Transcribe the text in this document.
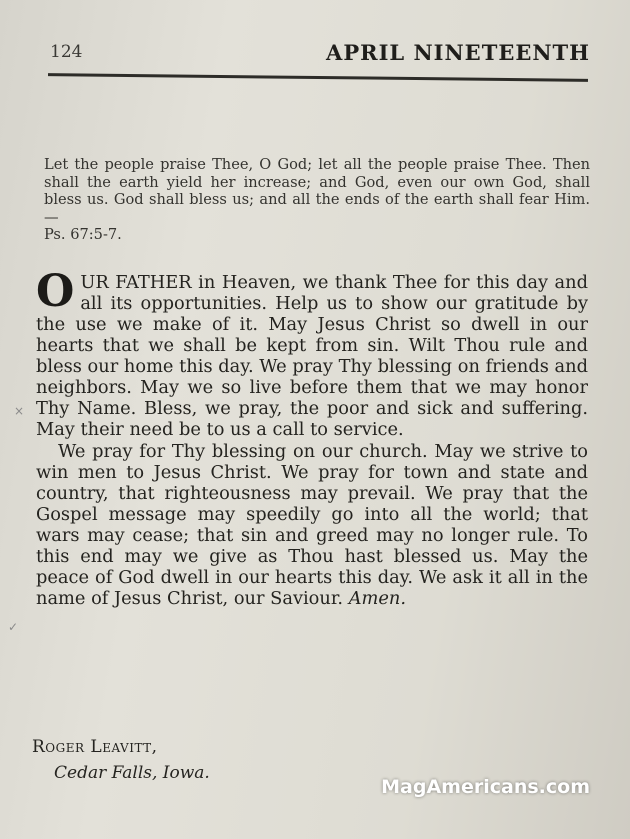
124	APRIL NINETEENTH
Let the people praise Thee, O God; let all the people praise Thee. Then shall the earth yield her increase; and God, even our own God, shall bless us. God shall bless us; and all the ends of the earth shall fear Him.—
Ps. 67:5-7.

OUR FATHER in Heaven, we thank Thee for this day and all its opportunities. Help us to show our gratitude by the use we make of it. May Jesus Christ so dwell in our hearts that we shall be kept from sin. Wilt Thou rule and bless our home this day. We pray Thy blessing on friends and neighbors. May we so live before them that we may honor Thy Name. Bless, we pray, the poor and sick and suffering. May their need be to us a call to service.

We pray for Thy blessing on our church. May we strive to win men to Jesus Christ. We pray for town and state and country, that righteousness may prevail. We pray that the Gospel message may speedily go into all the world; that wars may cease; that sin and greed may no longer rule. To this end may we give as Thou hast blessed us. May the peace of God dwell in our hearts this day. We ask it all in the name of Jesus Christ, our Saviour. Amen.

×
✓
Roger Leavitt,
Cedar Falls, Iowa.
MagAmericans.com
